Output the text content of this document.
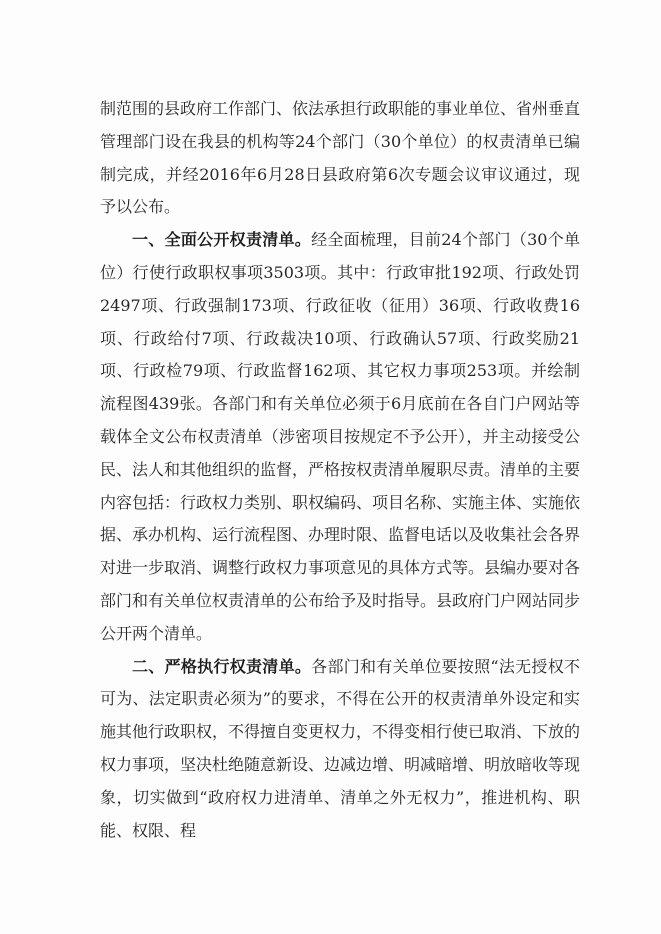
制范围的县政府工作部门、依法承担行政职能的事业单位、省州垂直管理部门设在我县的机构等24个部门（30个单位）的权责清单已编制完成，并经2016年6月28日县政府第6次专题会议审议通过，现予以公布。

一、全面公开权责清单。经全面梳理，目前24个部门（30个单位）行使行政职权事项3503项。其中：行政审批192项、行政处罚2497项、行政强制173项、行政征收（征用）36项、行政收费16项、行政给付7项、行政裁决10项、行政确认57项、行政奖励21项、行政检79项、行政监督162项、其它权力事项253项。并绘制流程图439张。各部门和有关单位必须于6月底前在各自门户网站等载体全文公布权责清单（涉密项目按规定不予公开），并主动接受公民、法人和其他组织的监督，严格按权责清单履职尽责。清单的主要内容包括：行政权力类别、职权编码、项目名称、实施主体、实施依据、承办机构、运行流程图、办理时限、监督电话以及收集社会各界对进一步取消、调整行政权力事项意见的具体方式等。县编办要对各部门和有关单位权责清单的公布给予及时指导。县政府门户网站同步公开两个清单。

二、严格执行权责清单。各部门和有关单位要按照“法无授权不可为、法定职责必须为”的要求，不得在公开的权责清单外设定和实施其他行政职权，不得擅自变更权力，不得变相行使已取消、下放的权力事项，坚决杜绝随意新设、边减边增、明减暗增、明放暗收等现象，切实做到“政府权力进清单、清单之外无权力”，推进机构、职能、权限、程
